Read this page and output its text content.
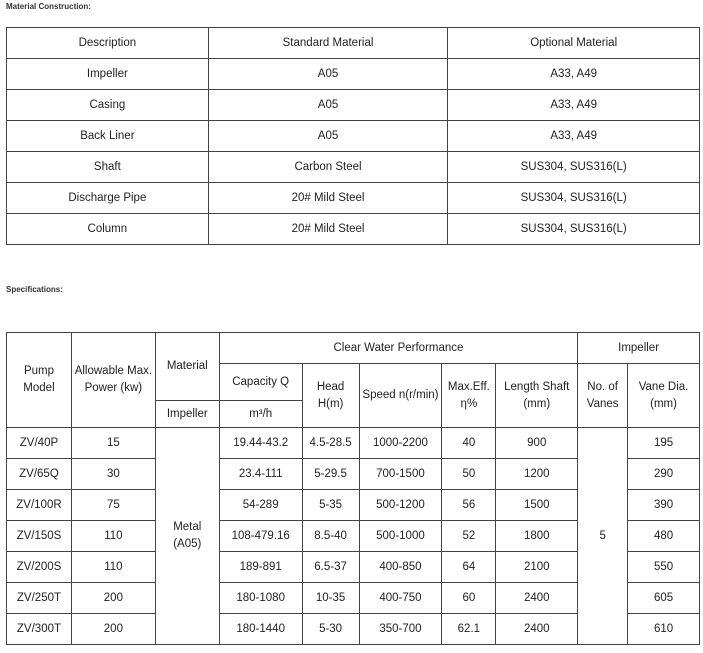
Material Construction:
Description	Standard Material	Optional Material
Impeller	A05	A33, A49
Casing	A05	A33, A49
Back Liner	A05	A33, A49
Shaft	Carbon Steel	SUS304, SUS316(L)
Discharge Pipe	20# Mild Steel	SUS304, SUS316(L)
Column	20# Mild Steel	SUS304, SUS316(L)
Specifications:
Pump Model	Allowable Max. Power (kw)	Material	Clear Water Performance					Impeller	
			Capacity Q	Head H(m)	Speed n(r/min)	Max.Eff. η%	Length Shaft (mm)	No. of Vanes	Vane Dia. (mm)
		Impeller	m³/h						
ZV/40P	15	Metal (A05)	19.44-43.2	4.5-28.5	1000-2200	40	900	5	195
ZV/65Q	30		23.4-111	5-29.5	700-1500	50	1200		290
ZV/100R	75		54-289	5-35	500-1200	56	1500		390
ZV/150S	110		108-479.16	8.5-40	500-1000	52	1800		480
ZV/200S	110		189-891	6.5-37	400-850	64	2100		550
ZV/250T	200		180-1080	10-35	400-750	60	2400		605
ZV/300T	200		180-1440	5-30	350-700	62.1	2400		610
